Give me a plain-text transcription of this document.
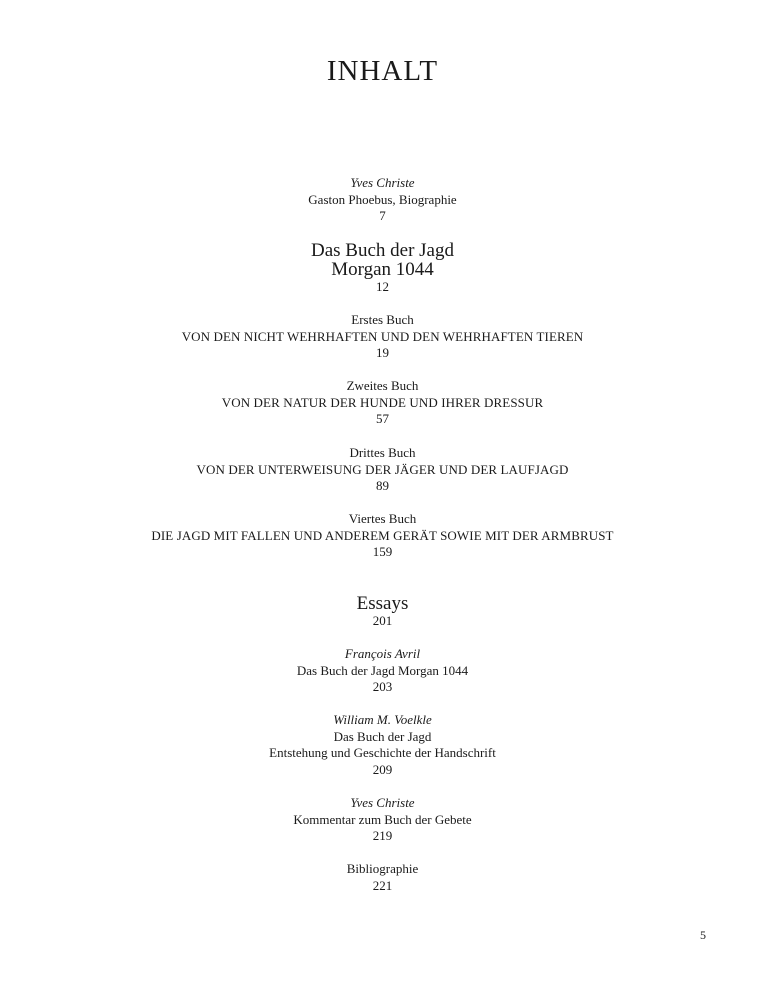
INHALT
Yves Christe
Gaston Phoebus, Biographie
7
Das Buch der Jagd
Morgan 1044
12
Erstes Buch
VON DEN NICHT WEHRHAFTEN UND DEN WEHRHAFTEN TIEREN
19
Zweites Buch
VON DER NATUR DER HUNDE UND IHRER DRESSUR
57
Drittes Buch
VON DER UNTERWEISUNG DER JÄGER UND DER LAUFJAGD
89
Viertes Buch
DIE JAGD MIT FALLEN UND ANDEREM GERÄT SOWIE MIT DER ARMBRUST
159
Essays
201
François Avril
Das Buch der Jagd Morgan 1044
203
William M. Voelkle
Das Buch der Jagd
Entstehung und Geschichte der Handschrift
209
Yves Christe
Kommentar zum Buch der Gebete
219
Bibliographie
221
5
